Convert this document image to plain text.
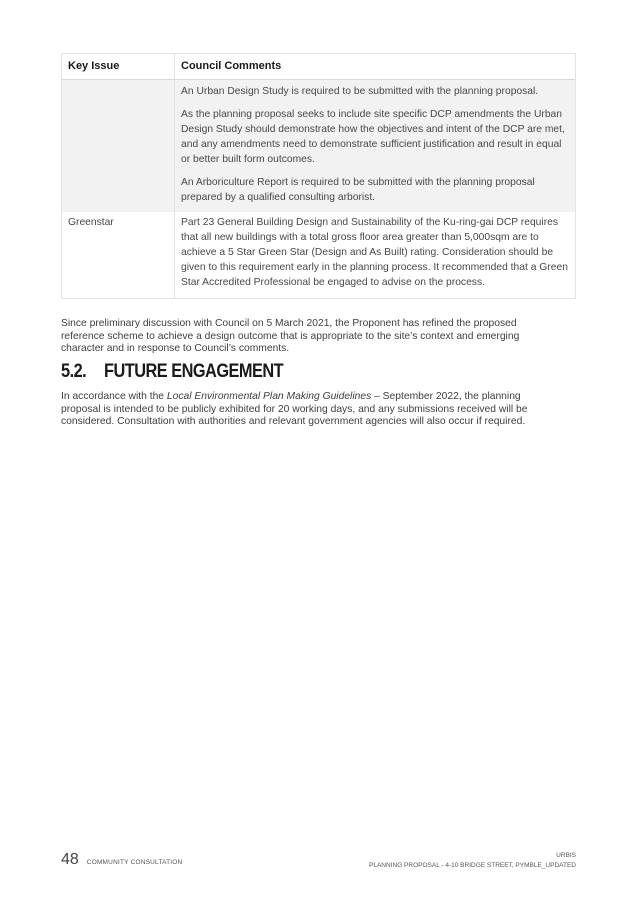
Key Issue	Council Comments

An Urban Design Study is required to be submitted with the planning proposal.

As the planning proposal seeks to include site specific DCP amendments the Urban Design Study should demonstrate how the objectives and intent of the DCP are met, and any amendments need to demonstrate sufficient justification and result in equal or better built form outcomes.

An Arboriculture Report is required to be submitted with the planning proposal prepared by a qualified consulting arborist.

Greenstar	Part 23 General Building Design and Sustainability of the Ku-ring-gai DCP requires that all new buildings with a total gross floor area greater than 5,000sqm are to achieve a 5 Star Green Star (Design and As Built) rating. Consideration should be given to this requirement early in the planning process. It recommended that a Green Star Accredited Professional be engaged to advise on the process.

Since preliminary discussion with Council on 5 March 2021, the Proponent has refined the proposed reference scheme to achieve a design outcome that is appropriate to the site’s context and emerging character and in response to Council’s comments.

5.2. FUTURE ENGAGEMENT

In accordance with the Local Environmental Plan Making Guidelines – September 2022, the planning proposal is intended to be publicly exhibited for 20 working days, and any submissions received will be considered. Consultation with authorities and relevant government agencies will also occur if required.

48 COMMUNITY CONSULTATION
URBIS
PLANNING PROPOSAL - 4-10 BRIDGE STREET, PYMBLE_UPDATED
